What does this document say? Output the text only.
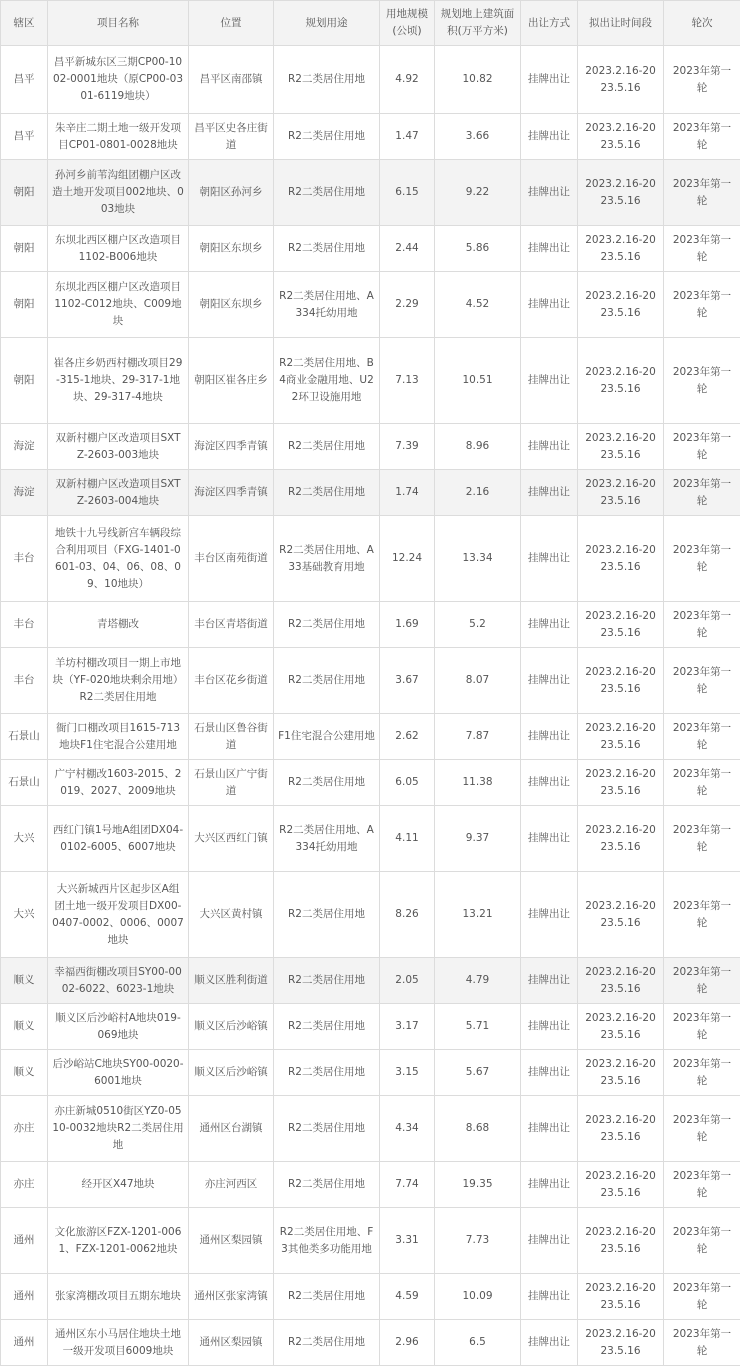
辖区	项目名称	位置	规划用途	用地规模(公顷)	规划地上建筑面积(万平方米)	出让方式	拟出让时间段	轮次
昌平	昌平新城东区三期CP00-1002-0001地块（原CP00-0301-6119地块）	昌平区南邵镇	R2二类居住用地	4.92	10.82	挂牌出让	2023.2.16-2023.5.16	2023年第一轮
昌平	朱辛庄二期土地一级开发项目CP01-0801-0028地块	昌平区史各庄街道	R2二类居住用地	1.47	3.66	挂牌出让	2023.2.16-2023.5.16	2023年第一轮
朝阳	孙河乡前苇沟组团棚户区改造土地开发项目002地块、003地块	朝阳区孙河乡	R2二类居住用地	6.15	9.22	挂牌出让	2023.2.16-2023.5.16	2023年第一轮
朝阳	东坝北西区棚户区改造项目1102-B006地块	朝阳区东坝乡	R2二类居住用地	2.44	5.86	挂牌出让	2023.2.16-2023.5.16	2023年第一轮
朝阳	东坝北西区棚户区改造项目1102-C012地块、C009地块	朝阳区东坝乡	R2二类居住用地、A334托幼用地	2.29	4.52	挂牌出让	2023.2.16-2023.5.16	2023年第一轮
朝阳	崔各庄乡奶西村棚改项目29-315-1地块、29-317-1地块、29-317-4地块	朝阳区崔各庄乡	R2二类居住用地、B4商业金融用地、U22环卫设施用地	7.13	10.51	挂牌出让	2023.2.16-2023.5.16	2023年第一轮
海淀	双新村棚户区改造项目SXTZ-2603-003地块	海淀区四季青镇	R2二类居住用地	7.39	8.96	挂牌出让	2023.2.16-2023.5.16	2023年第一轮
海淀	双新村棚户区改造项目SXTZ-2603-004地块	海淀区四季青镇	R2二类居住用地	1.74	2.16	挂牌出让	2023.2.16-2023.5.16	2023年第一轮
丰台	地铁十九号线新宫车辆段综合利用项目（FXG-1401-0601-03、04、06、08、09、10地块）	丰台区南苑街道	R2二类居住用地、A33基础教育用地	12.24	13.34	挂牌出让	2023.2.16-2023.5.16	2023年第一轮
丰台	青塔棚改	丰台区青塔街道	R2二类居住用地	1.69	5.2	挂牌出让	2023.2.16-2023.5.16	2023年第一轮
丰台	羊坊村棚改项目一期上市地块（YF-020地块剩余用地）R2二类居住用地	丰台区花乡街道	R2二类居住用地	3.67	8.07	挂牌出让	2023.2.16-2023.5.16	2023年第一轮
石景山	衙门口棚改项目1615-713地块F1住宅混合公建用地	石景山区鲁谷街道	F1住宅混合公建用地	2.62	7.87	挂牌出让	2023.2.16-2023.5.16	2023年第一轮
石景山	广宁村棚改1603-2015、2019、2027、2009地块	石景山区广宁街道	R2二类居住用地	6.05	11.38	挂牌出让	2023.2.16-2023.5.16	2023年第一轮
大兴	西红门镇1号地A组团DX04-0102-6005、6007地块	大兴区西红门镇	R2二类居住用地、A334托幼用地	4.11	9.37	挂牌出让	2023.2.16-2023.5.16	2023年第一轮
大兴	大兴新城西片区起步区A组团土地一级开发项目DX00-0407-0002、0006、0007地块	大兴区黄村镇	R2二类居住用地	8.26	13.21	挂牌出让	2023.2.16-2023.5.16	2023年第一轮
顺义	幸福西街棚改项目SY00-0002-6022、6023-1地块	顺义区胜利街道	R2二类居住用地	2.05	4.79	挂牌出让	2023.2.16-2023.5.16	2023年第一轮
顺义	顺义区后沙峪村A地块019-069地块	顺义区后沙峪镇	R2二类居住用地	3.17	5.71	挂牌出让	2023.2.16-2023.5.16	2023年第一轮
顺义	后沙峪站C地块SY00-0020-6001地块	顺义区后沙峪镇	R2二类居住用地	3.15	5.67	挂牌出让	2023.2.16-2023.5.16	2023年第一轮
亦庄	亦庄新城0510街区YZ0-0510-0032地块R2二类居住用地	通州区台湖镇	R2二类居住用地	4.34	8.68	挂牌出让	2023.2.16-2023.5.16	2023年第一轮
亦庄	经开区X47地块	亦庄河西区	R2二类居住用地	7.74	19.35	挂牌出让	2023.2.16-2023.5.16	2023年第一轮
通州	文化旅游区FZX-1201-0061、FZX-1201-0062地块	通州区梨园镇	R2二类居住用地、F3其他类多功能用地	3.31	7.73	挂牌出让	2023.2.16-2023.5.16	2023年第一轮
通州	张家湾棚改项目五期东地块	通州区张家湾镇	R2二类居住用地	4.59	10.09	挂牌出让	2023.2.16-2023.5.16	2023年第一轮
通州	通州区东小马居住地块土地一级开发项目6009地块	通州区梨园镇	R2二类居住用地	2.96	6.5	挂牌出让	2023.2.16-2023.5.16	2023年第一轮
